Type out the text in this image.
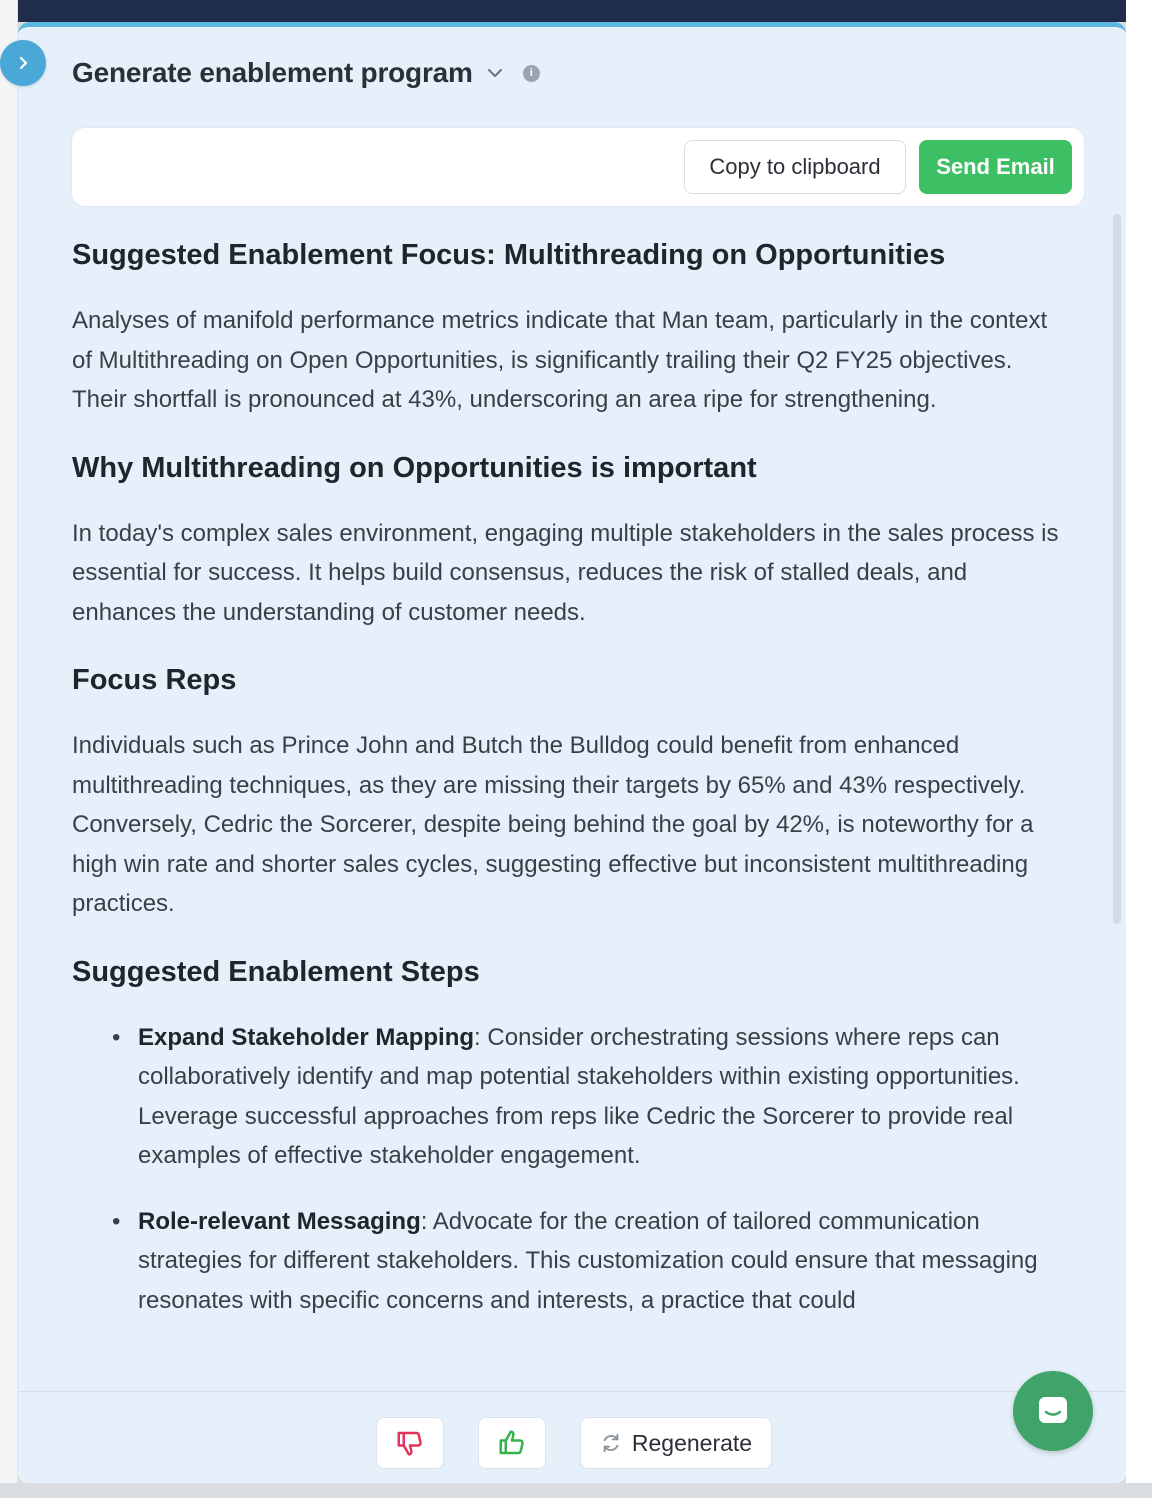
Generate enablement program	i
Copy to clipboard	Send Email
Suggested Enablement Focus: Multithreading on Opportunities
Analyses of manifold performance metrics indicate that Man team, particularly in the context of Multithreading on Open Opportunities, is significantly trailing their Q2 FY25 objectives. Their shortfall is pronounced at 43%, underscoring an area ripe for strengthening.
Why Multithreading on Opportunities is important
In today's complex sales environment, engaging multiple stakeholders in the sales process is essential for success. It helps build consensus, reduces the risk of stalled deals, and enhances the understanding of customer needs.
Focus Reps
Individuals such as Prince John and Butch the Bulldog could benefit from enhanced multithreading techniques, as they are missing their targets by 65% and 43% respectively. Conversely, Cedric the Sorcerer, despite being behind the goal by 42%, is noteworthy for a high win rate and shorter sales cycles, suggesting effective but inconsistent multithreading practices.
Suggested Enablement Steps
• Expand Stakeholder Mapping: Consider orchestrating sessions where reps can collaboratively identify and map potential stakeholders within existing opportunities. Leverage successful approaches from reps like Cedric the Sorcerer to provide real examples of effective stakeholder engagement.
• Role-relevant Messaging: Advocate for the creation of tailored communication strategies for different stakeholders. This customization could ensure that messaging resonates with specific concerns and interests, a practice that could
Regenerate
